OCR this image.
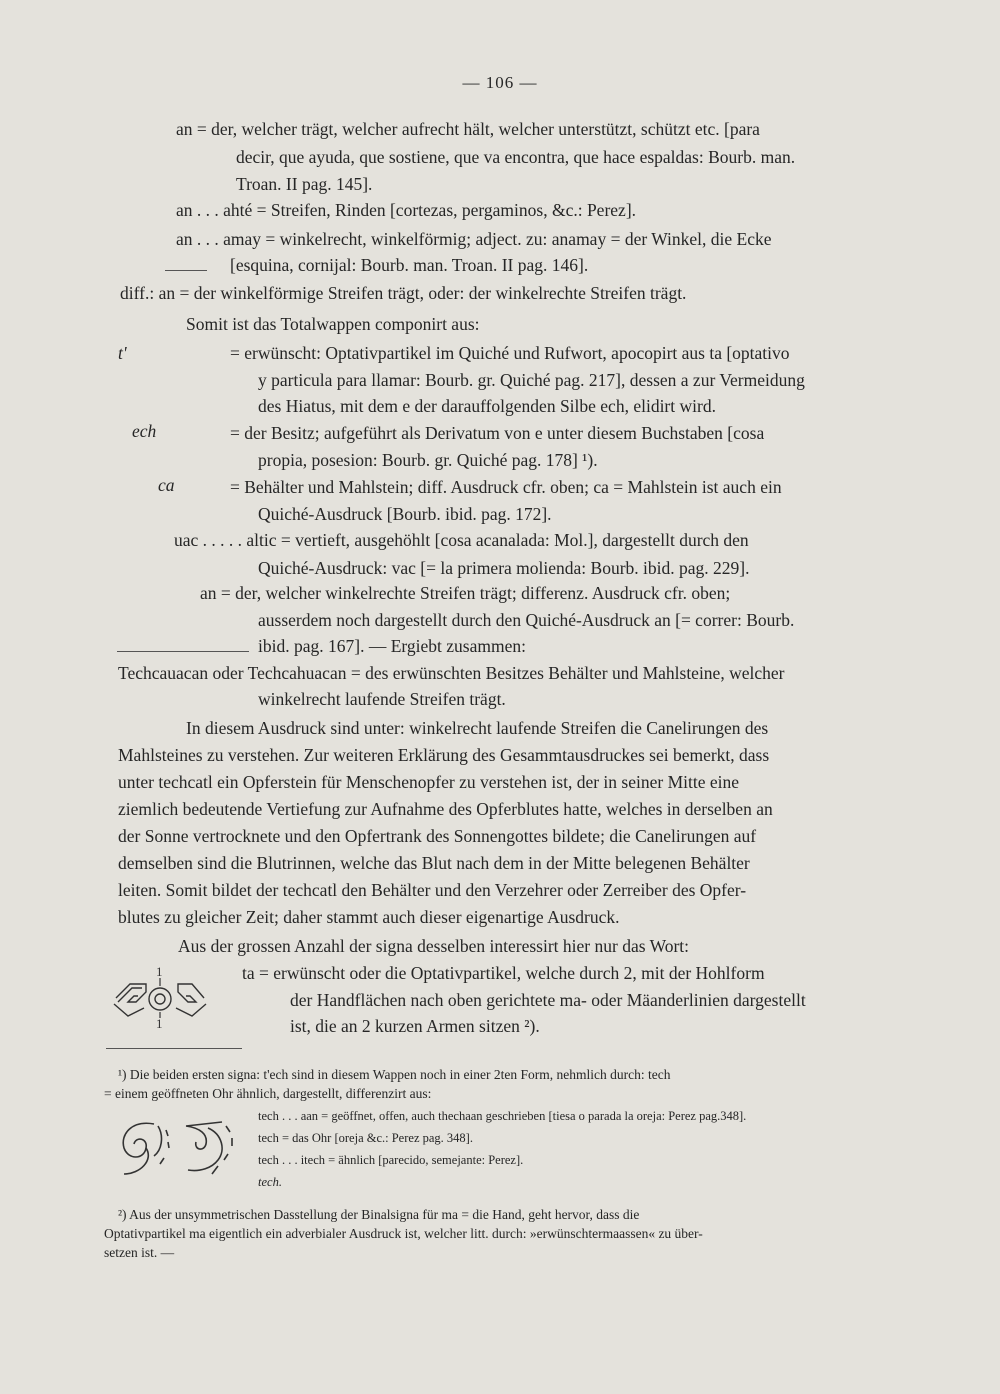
— 106 —
an = der, welcher trägt, welcher aufrecht hält, welcher unterstützt, schützt etc. [para
decir, que ayuda, que sostiene, que va encontra, que hace espaldas: Bourb. man.
Troan. II pag. 145].
an . . . ahté = Streifen, Rinden [cortezas, pergaminos, &c.: Perez].
an . . . amay = winkelrecht, winkelförmig; adject. zu: anamay = der Winkel, die Ecke
[esquina, cornijal: Bourb. man. Troan. II pag. 146].
diff.: an = der winkelförmige Streifen trägt, oder: der winkelrechte Streifen trägt.
Somit ist das Totalwappen componirt aus:
t'	= erwünscht: Optativpartikel im Quiché und Rufwort, apocopirt aus ta [optativo
y particula para llamar: Bourb. gr. Quiché pag. 217], dessen a zur Vermeidung
des Hiatus, mit dem e der darauffolgenden Silbe ech, elidirt wird.
ech	= der Besitz; aufgeführt als Derivatum von e unter diesem Buchstaben [cosa
propia, posesion: Bourb. gr. Quiché pag. 178] ¹).
ca	= Behälter und Mahlstein; diff. Ausdruck cfr. oben; ca = Mahlstein ist auch ein
Quiché-Ausdruck [Bourb. ibid. pag. 172].
uac . . . . . altic = vertieft, ausgehöhlt [cosa acanalada: Mol.], dargestellt durch den
Quiché-Ausdruck: vac [= la primera molienda: Bourb. ibid. pag. 229].
an = der, welcher winkelrechte Streifen trägt; differenz. Ausdruck cfr. oben;
ausserdem noch dargestellt durch den Quiché-Ausdruck an [= correr: Bourb.
ibid. pag. 167]. — Ergiebt zusammen:
Techcauacan oder Techcahuacan = des erwünschten Besitzes Behälter und Mahlsteine, welcher
winkelrecht laufende Streifen trägt.
In diesem Ausdruck sind unter: winkelrecht laufende Streifen die Canelirungen des
Mahlsteines zu verstehen. Zur weiteren Erklärung des Gesammtausdruckes sei bemerkt, dass
unter techcatl ein Opferstein für Menschenopfer zu verstehen ist, der in seiner Mitte eine
ziemlich bedeutende Vertiefung zur Aufnahme des Opferblutes hatte, welches in derselben an
der Sonne vertrocknete und den Opfertrank des Sonnengottes bildete; die Canelirungen auf
demselben sind die Blutrinnen, welche das Blut nach dem in der Mitte belegenen Behälter
leiten. Somit bildet der techcatl den Behälter und den Verzehrer oder Zerreiber des Opfer-
blutes zu gleicher Zeit; daher stammt auch dieser eigenartige Ausdruck.
Aus der grossen Anzahl der signa desselben interessirt hier nur das Wort:
ta = erwünscht oder die Optativpartikel, welche durch 2, mit der Hohlform
der Handflächen nach oben gerichtete ma- oder Mäanderlinien dargestellt
ist, die an 2 kurzen Armen sitzen ²).
1
1
¹) Die beiden ersten signa: t'ech sind in diesem Wappen noch in einer 2ten Form, nehmlich durch: tech
= einem geöffneten Ohr ähnlich, dargestellt, differenzirt aus:
tech . . . aan = geöffnet, offen, auch thechaan geschrieben [tiesa o parada la oreja: Perez pag.348].
tech = das Ohr [oreja &c.: Perez pag. 348].
tech . . . itech = ähnlich [parecido, semejante: Perez].
tech.
²) Aus der unsymmetrischen Dasstellung der Binalsigna für ma = die Hand, geht hervor, dass die
Optativpartikel ma eigentlich ein adverbialer Ausdruck ist, welcher litt. durch: »erwünschtermaassen« zu über-
setzen ist. —
